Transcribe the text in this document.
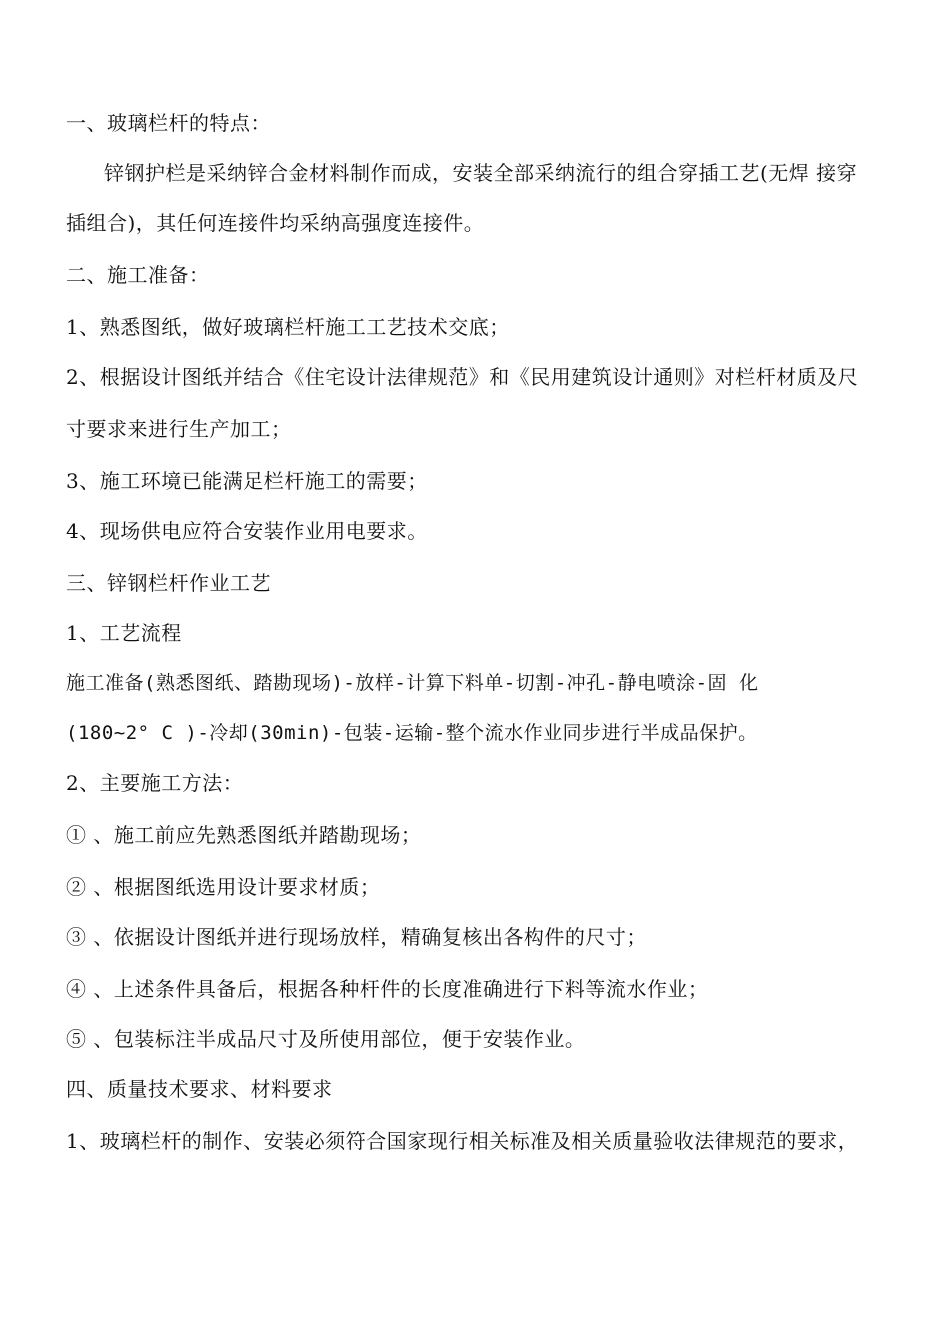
一、玻璃栏杆的特点：
锌钢护栏是采纳锌合金材料制作而成，安装全部采纳流行的组合穿插工艺(无焊 接穿
插组合)，其任何连接件均采纳高强度连接件。
二、施工准备：
1、熟悉图纸，做好玻璃栏杆施工工艺技术交底；
2、根据设计图纸并结合《住宅设计法律规范》和《民用建筑设计通则》对栏杆材质及尺
寸要求来进行生产加工；
3、施工环境已能满足栏杆施工的需要；
4、现场供电应符合安装作业用电要求。
三、锌钢栏杆作业工艺
1、工艺流程
施工准备(熟悉图纸、踏勘现场)-放样-计算下料单-切割-冲孔-静电喷涂-固 化
(180~2° C )-冷却(30min)-包装-运输-整个流水作业同步进行半成品保护。
2、主要施工方法：
① 、施工前应先熟悉图纸并踏勘现场；
② 、根据图纸选用设计要求材质；
③ 、依据设计图纸并进行现场放样，精确复核出各构件的尺寸；
④ 、上述条件具备后，根据各种杆件的长度准确进行下料等流水作业；
⑤ 、包装标注半成品尺寸及所使用部位，便于安装作业。
四、质量技术要求、材料要求
1、玻璃栏杆的制作、安装必须符合国家现行相关标准及相关质量验收法律规范的要求，
